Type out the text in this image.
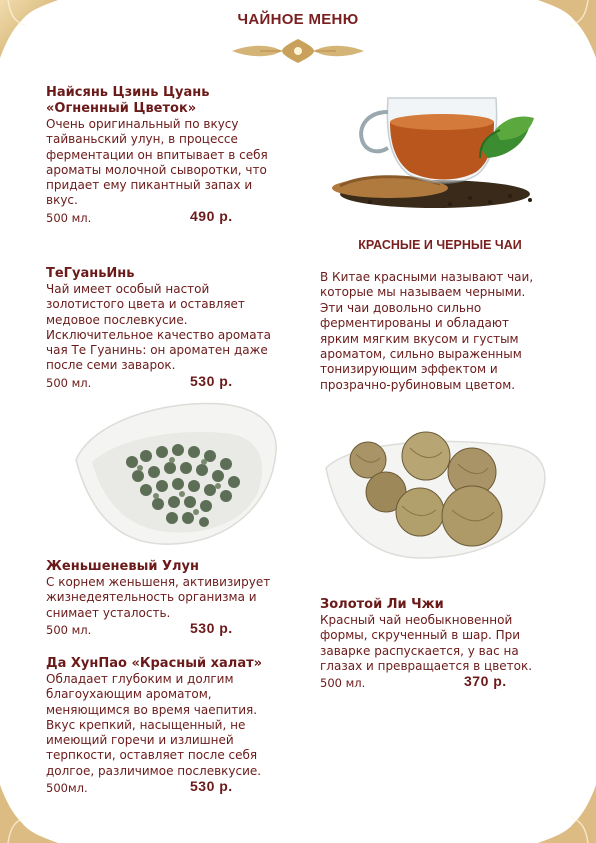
ЧАЙНОЕ МЕНЮ
Найсянь Цзинь Цуань
«Огненный Цветок»

Очень оригинальный по вкусу
тайваньский улун, в процессе
ферментации он впитывает в себя
ароматы молочной сыворотки, что
придает ему пикантный запах и
вкус.

500 мл.	490 р.
ТеГуаньИнь

Чай имеет особый настой
золотистого цвета и оставляет
медовое послевкусие.
Исключительное качество аромата
чая Те Гуанинь: он ароматен даже
после семи заварок.

500 мл.	530 р.
КРАСНЫЕ И ЧЕРНЫЕ ЧАИ

В Китае красными называют чаи,
которые мы называем черными.
Эти чаи довольно сильно
ферментированы и обладают
ярким мягким вкусом и густым
ароматом, сильно выраженным
тонизирующим эффектом и
прозрачно-рубиновым цветом.

Женьшеневый Улун

С корнем женьшеня, активизирует
жизнедеятельность организма и
снимает усталость.

500 мл.	530 р.
Да ХунПао «Красный халат»

Обладает глубоким и долгим
благоухающим ароматом,
меняющимся во время чаепития.
Вкус крепкий, насыщенный, не
имеющий горечи и излишней
терпкости, оставляет после себя
долгое, различимое послевкусие.

500мл.	530 р.
Золотой Ли Чжи

Красный чай необыкновенной
формы, скрученный в шар. При
заварке распускается, у вас на
глазах и превращается в цветок.

500 мл.	370 р.
